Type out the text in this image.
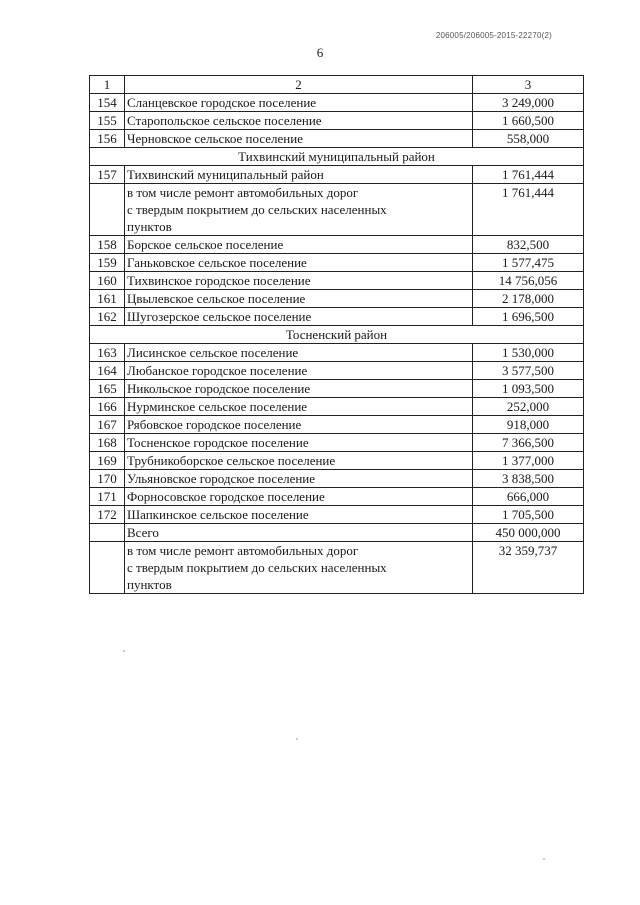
206005/206005-2015-22270(2)
6
1	2	3
154	Сланцевское городское поселение	3 249,000
155	Старопольское сельское поселение	1 660,500
156	Черновское сельское поселение	558,000
Тихвинский муниципальный район		
157	Тихвинский муниципальный район	1 761,444
	в том числе ремонт автомобильных дорог
с твердым покрытием до сельских населенных
пунктов	1 761,444
158	Борское сельское поселение	832,500
159	Ганьковское сельское поселение	1 577,475
160	Тихвинское городское поселение	14 756,056
161	Цвылевское сельское поселение	2 178,000
162	Шугозерское сельское поселение	1 696,500
Тосненский район		
163	Лисинское сельское поселение	1 530,000
164	Любанское городское поселение	3 577,500
165	Никольское городское поселение	1 093,500
166	Нурминское сельское поселение	252,000
167	Рябовское городское поселение	918,000
168	Тосненское городское поселение	7 366,500
169	Трубникоборское сельское поселение	1 377,000
170	Ульяновское городское поселение	3 838,500
171	Форносовское городское поселение	666,000
172	Шапкинское сельское поселение	1 705,500
	Всего	450 000,000
	в том числе ремонт автомобильных дорог
с твердым покрытием до сельских населенных
пунктов	32 359,737
